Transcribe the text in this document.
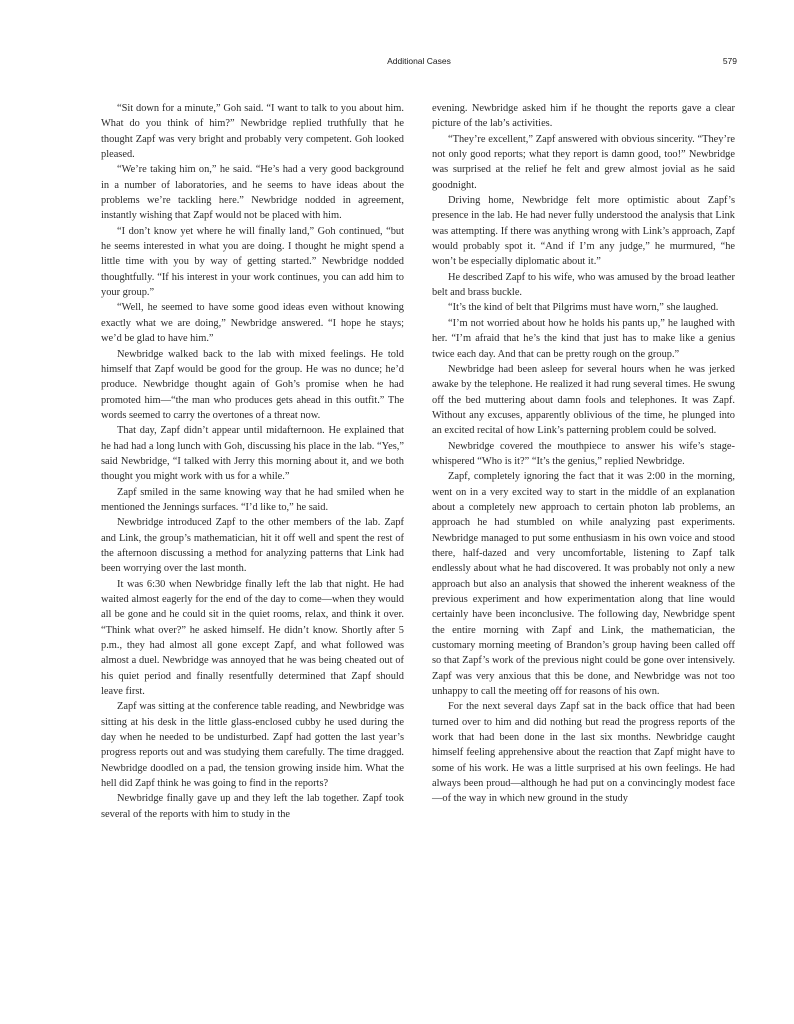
Additional Cases	579

“Sit down for a minute,” Goh said. “I want to talk to you about him. What do you think of him?” Newbridge replied truthfully that he thought Zapf was very bright and probably very competent. Goh looked pleased.

“We’re taking him on,” he said. “He’s had a very good background in a number of laboratories, and he seems to have ideas about the problems we’re tackling here.” Newbridge nodded in agreement, instantly wishing that Zapf would not be placed with him.

“I don’t know yet where he will finally land,” Goh continued, “but he seems interested in what you are doing. I thought he might spend a little time with you by way of getting started.” Newbridge nodded thoughtfully. “If his interest in your work continues, you can add him to your group.”

“Well, he seemed to have some good ideas even without knowing exactly what we are doing,” Newbridge answered. “I hope he stays; we’d be glad to have him.”

Newbridge walked back to the lab with mixed feelings. He told himself that Zapf would be good for the group. He was no dunce; he’d produce. Newbridge thought again of Goh’s promise when he had promoted him—“the man who produces gets ahead in this outfit.” The words seemed to carry the overtones of a threat now.

That day, Zapf didn’t appear until midafternoon. He explained that he had had a long lunch with Goh, discussing his place in the lab. “Yes,” said Newbridge, “I talked with Jerry this morning about it, and we both thought you might work with us for a while.”

Zapf smiled in the same knowing way that he had smiled when he mentioned the Jennings surfaces. “I’d like to,” he said.

Newbridge introduced Zapf to the other members of the lab. Zapf and Link, the group’s mathematician, hit it off well and spent the rest of the afternoon discussing a method for analyzing patterns that Link had been worrying over the last month.

It was 6:30 when Newbridge finally left the lab that night. He had waited almost eagerly for the end of the day to come—when they would all be gone and he could sit in the quiet rooms, relax, and think it over. “Think what over?” he asked himself. He didn’t know. Shortly after 5 p.m., they had almost all gone except Zapf, and what followed was almost a duel. Newbridge was annoyed that he was being cheated out of his quiet period and finally resentfully determined that Zapf should leave first.

Zapf was sitting at the conference table reading, and Newbridge was sitting at his desk in the little glass-enclosed cubby he used during the day when he needed to be undisturbed. Zapf had gotten the last year’s progress reports out and was studying them carefully. The time dragged. Newbridge doodled on a pad, the tension growing inside him. What the hell did Zapf think he was going to find in the reports?

Newbridge finally gave up and they left the lab together. Zapf took several of the reports with him to study in the

evening. Newbridge asked him if he thought the reports gave a clear picture of the lab’s activities.

“They’re excellent,” Zapf answered with obvious sincerity. “They’re not only good reports; what they report is damn good, too!” Newbridge was surprised at the relief he felt and grew almost jovial as he said goodnight.

Driving home, Newbridge felt more optimistic about Zapf’s presence in the lab. He had never fully understood the analysis that Link was attempting. If there was anything wrong with Link’s approach, Zapf would probably spot it. “And if I’m any judge,” he murmured, “he won’t be especially diplomatic about it.”

He described Zapf to his wife, who was amused by the broad leather belt and brass buckle.

“It’s the kind of belt that Pilgrims must have worn,” she laughed.

“I’m not worried about how he holds his pants up,” he laughed with her. “I’m afraid that he’s the kind that just has to make like a genius twice each day. And that can be pretty rough on the group.”

Newbridge had been asleep for several hours when he was jerked awake by the telephone. He realized it had rung several times. He swung off the bed muttering about damn fools and telephones. It was Zapf. Without any excuses, apparently oblivious of the time, he plunged into an excited recital of how Link’s patterning problem could be solved.

Newbridge covered the mouthpiece to answer his wife’s stage-whispered “Who is it?” “It’s the genius,” replied Newbridge.

Zapf, completely ignoring the fact that it was 2:00 in the morning, went on in a very excited way to start in the middle of an explanation about a completely new approach to certain photon lab problems, an approach he had stumbled on while analyzing past experiments. Newbridge managed to put some enthusiasm in his own voice and stood there, half-dazed and very uncomfortable, listening to Zapf talk endlessly about what he had discovered. It was probably not only a new approach but also an analysis that showed the inherent weakness of the previous experiment and how experimentation along that line would certainly have been inconclusive. The following day, Newbridge spent the entire morning with Zapf and Link, the mathematician, the customary morning meeting of Brandon’s group having been called off so that Zapf’s work of the previous night could be gone over intensively. Zapf was very anxious that this be done, and Newbridge was not too unhappy to call the meeting off for reasons of his own.

For the next several days Zapf sat in the back office that had been turned over to him and did nothing but read the progress reports of the work that had been done in the last six months. Newbridge caught himself feeling apprehensive about the reaction that Zapf might have to some of his work. He was a little surprised at his own feelings. He had always been proud—although he had put on a convincingly modest face—of the way in which new ground in the study
